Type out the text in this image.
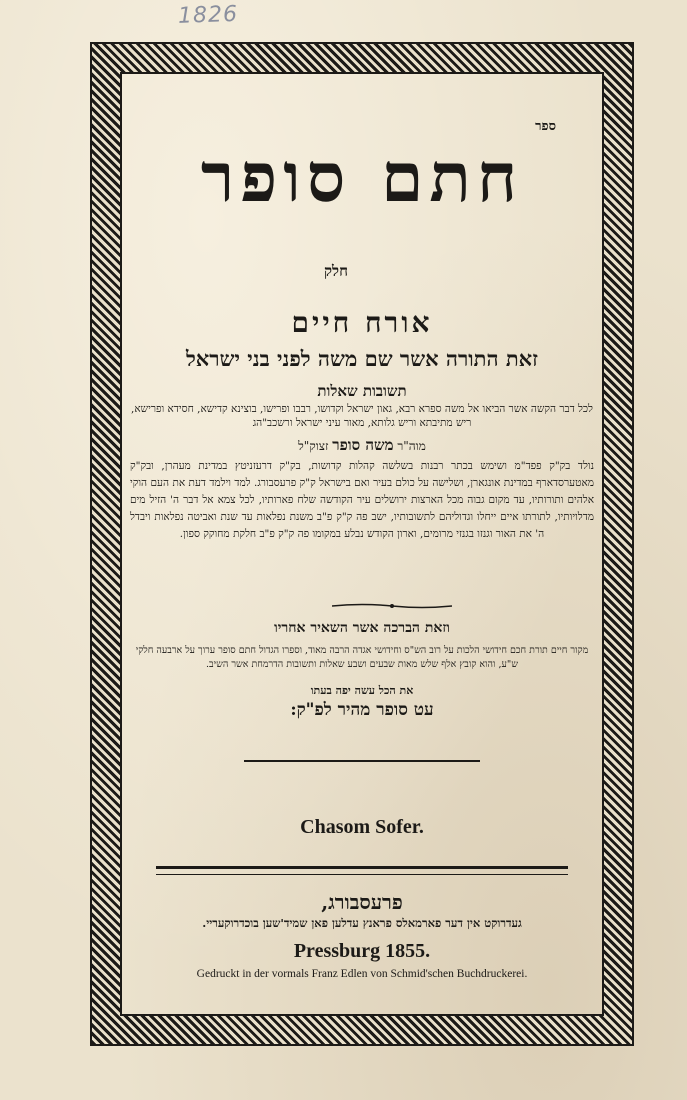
1826
ספר
חתם סופר
חלק
אורח חיים
זאת התורה אשר שם משה לפני בני ישראל
תשובות שאלות
לכל דבר הקשה אשר הביאו אל משה ספרא רבא, גאון ישראל וקדושו, רבבו ופרישו, בוצינא קדישא, חסידא ופרישא, ריש מתיבתא וריש גלותא, מאור עיני ישראל ורשכב"הג
מוה"ר משה סופר זצוק"ל
נולד בק"ק פפד"מ ושימש בכתר רבנות בשלשה קהלות קדושות, בק"ק דרעזניטץ במדינת מעהרן, ובק"ק מאטערסדארף במדינת אונגארן, ושלישה על כולם בעיר ואם בישראל ק"ק פרעסבורג. למד וילמד דעת את העם הוקי אלהים ותורותיו, עד מקום גבוה מכל הארצות ירושלים עיר הקודשה שלח פארותיו, לכל צמא אל דבר ה' הזיל מים מדלויותיו, לתורתו איים ייחלו וגדוליהם לתשובותיו, ישב פה ק"ק פ"ב משנת נפלאות עד שנת ואביטה נפלאות ויבדל ה' את האור וגנזו בגנזי מרומים, וארון הקודש נבלע במקומו פה ק"ק פ"ב חלקת מחוקק ספון.
וזאת הברכה אשר השאיר אחריו
מקור חיים תורת חכם חידושי הלכות על רוב הש"ס וחידושי אגדה הרבה מאוד, וספרו הגדול חתם סופר ערוך על ארבעה חלקי ש"ע, והוא קובץ אלף שלש מאות שבעים ושבע שאלות ותשובות הדרמחת אשר השיב.
את הכל עשה יפה בעתו
עט סופר מהיר לפ"ק:
Chasom Sofer.
פרעסבורג,
געדרוקט אין דער פארמאלס פראנץ עדלען פאן שמיד'שען בוכדרוקעריי.
Pressburg 1855.
Gedruckt in der vormals Franz Edlen von Schmid'schen Buchdruckerei.
